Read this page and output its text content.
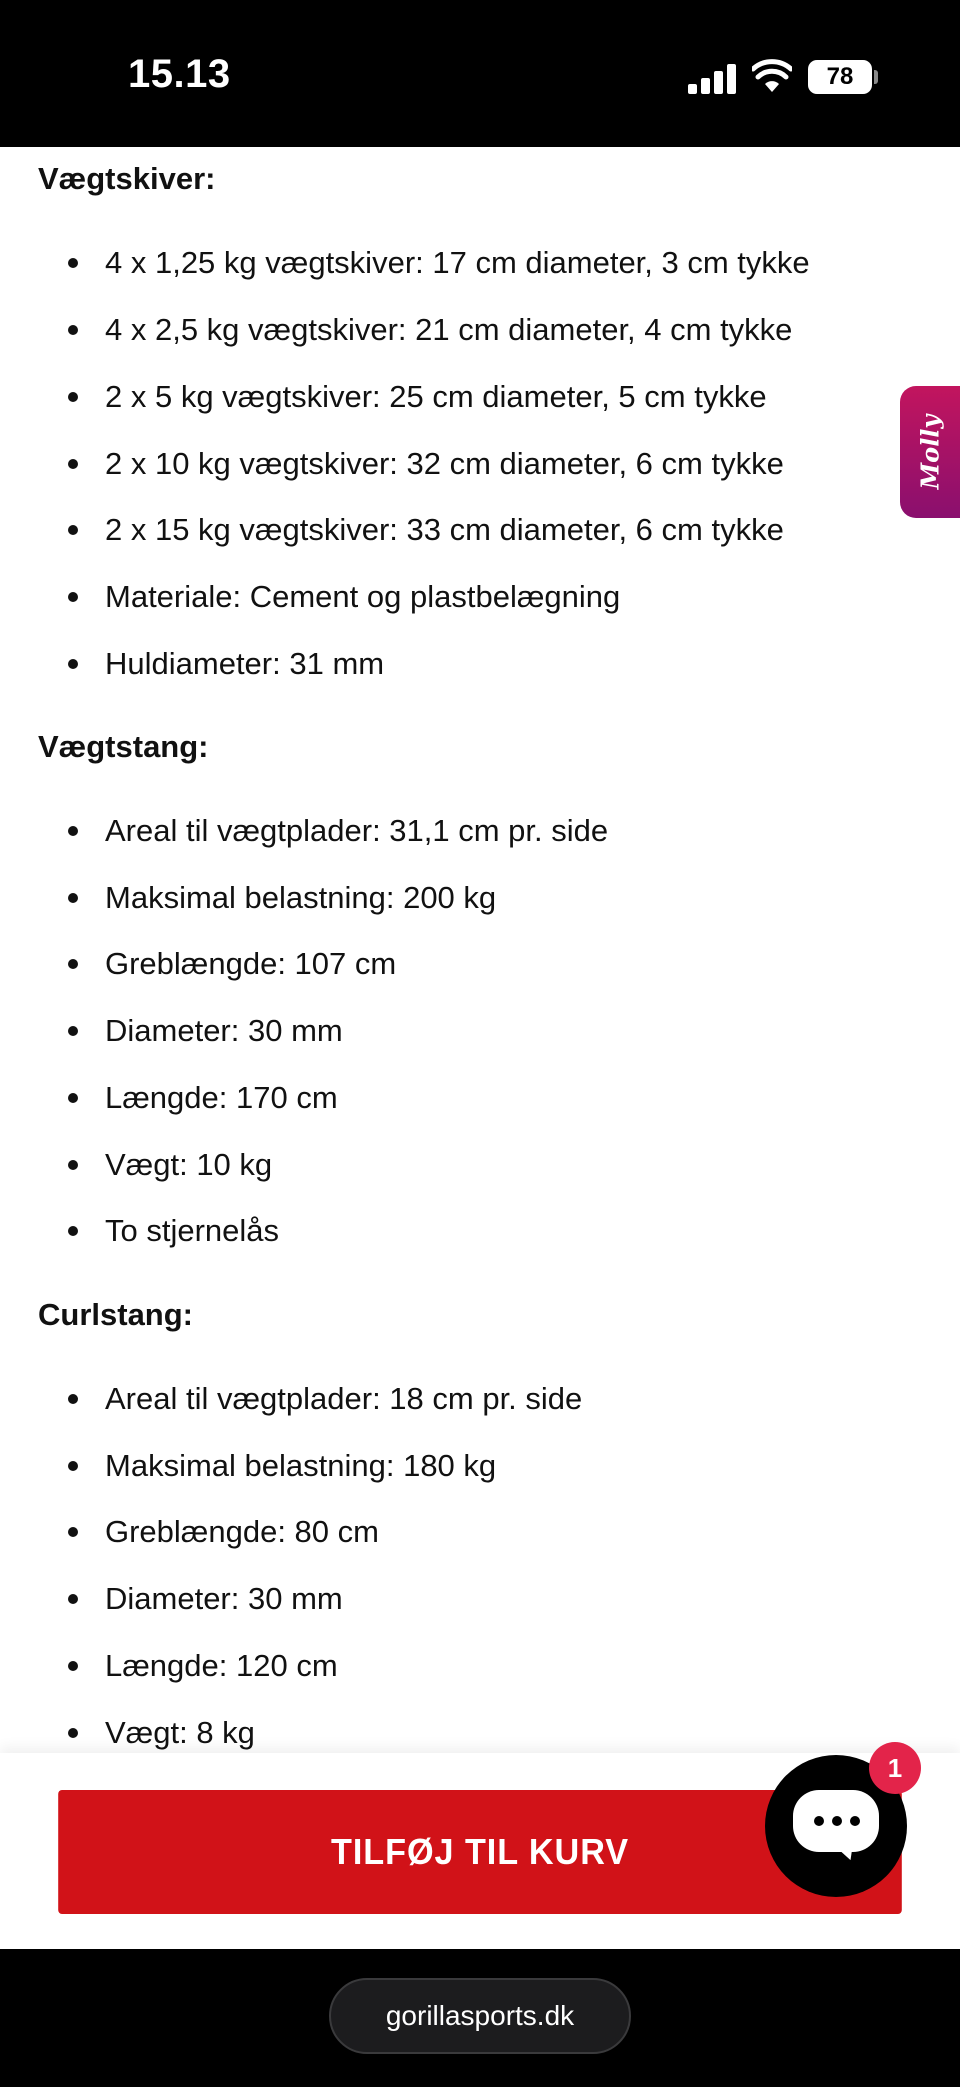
15.13	78
Vægtskiver:
4 x 1,25 kg vægtskiver: 17 cm diameter, 3 cm tykke
4 x 2,5 kg vægtskiver: 21 cm diameter, 4 cm tykke
2 x 5 kg vægtskiver: 25 cm diameter, 5 cm tykke
2 x 10 kg vægtskiver: 32 cm diameter, 6 cm tykke
2 x 15 kg vægtskiver: 33 cm diameter, 6 cm tykke
Materiale: Cement og plastbelægning
Huldiameter: 31 mm
Vægtstang:
Areal til vægtplader: 31,1 cm pr. side
Maksimal belastning: 200 kg
Greblængde: 107 cm
Diameter: 30 mm
Længde: 170 cm
Vægt: 10 kg
To stjernelås
Curlstang:
Areal til vægtplader: 18 cm pr. side
Maksimal belastning: 180 kg
Greblængde: 80 cm
Diameter: 30 mm
Længde: 120 cm
Vægt: 8 kg
Molly
TILFØJ TIL KURV
1
gorillasports.dk
